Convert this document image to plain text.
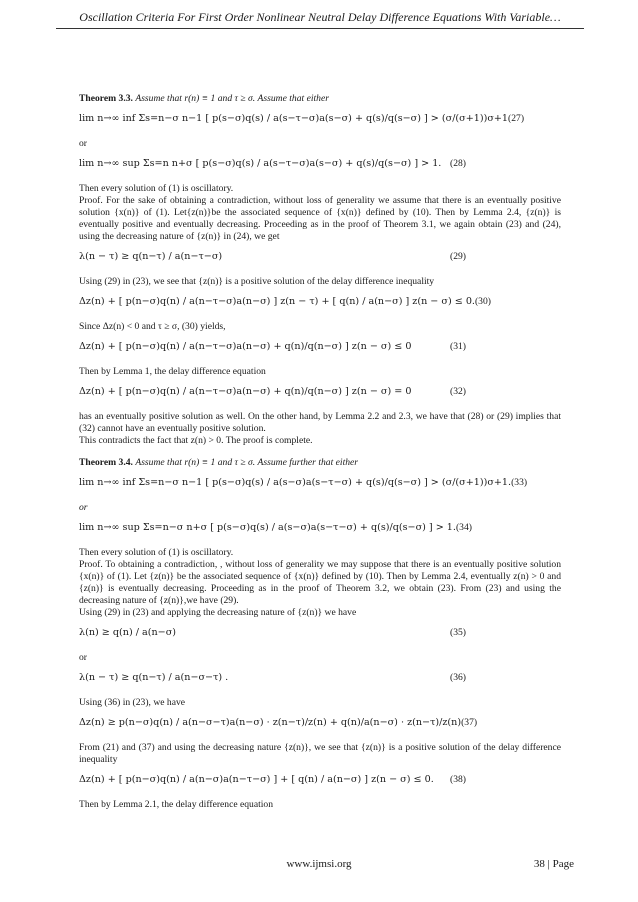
Oscillation Criteria For First Order Nonlinear Neutral Delay Difference Equations With Variable…

Theorem 3.3. Assume that r(n) ≡ 1 and τ ≥ σ. Assume that either

lim n→∞ inf Σs=n−σ n−1 [ p(s−σ)q(s) / a(s−τ−σ)a(s−σ) + q(s)/q(s−σ) ] > (σ/(σ+1))σ+1 (27)

or

lim n→∞ sup Σs=n n+σ [ p(s−σ)q(s) / a(s−τ−σ)a(s−σ) + q(s)/q(s−σ) ] > 1. (28)

Then every solution of (1) is oscillatory.

Proof. For the sake of obtaining a contradiction, without loss of generality we assume that there is an eventually positive solution {x(n)} of (1). Let{z(n)}be the associated sequence of {x(n)} defined by (10). Then by Lemma 2.4, {z(n)} is eventually positive and eventually decreasing. Proceeding as in the proof of Theorem 3.1, we again obtain (23) and (24), using the decreasing nature of {z(n)} in (24), we get

λ(n − τ) ≥ q(n−τ) / a(n−τ−σ)	(29)

Using (29) in (23), we see that {z(n)} is a positive solution of the delay difference inequality

Δz(n) + [ p(n−σ)q(n) / a(n−τ−σ)a(n−σ) ] z(n − τ) + [ q(n) / a(n−σ) ] z(n − σ) ≤ 0. (30)

Since Δz(n) < 0 and τ ≥ σ, (30) yields,

Δz(n) + [ p(n−σ)q(n) / a(n−τ−σ)a(n−σ) + q(n)/q(n−σ) ] z(n − σ) ≤ 0	(31)

Then by Lemma 1, the delay difference equation

Δz(n) + [ p(n−σ)q(n) / a(n−τ−σ)a(n−σ) + q(n)/q(n−σ) ] z(n − σ) = 0	(32)

has an eventually positive solution as well. On the other hand, by Lemma 2.2 and 2.3, we have that (28) or (29) implies that (32) cannot have an eventually positive solution.

This contradicts the fact that z(n) > 0. The proof is complete.

Theorem 3.4. Assume that r(n) ≡ 1 and τ ≥ σ. Assume further that either

lim n→∞ inf Σs=n−σ n−1 [ p(s−σ)q(s) / a(s−σ)a(s−τ−σ) + q(s)/q(s−σ) ] > (σ/(σ+1))σ+1. (33)

or

lim n→∞ sup Σs=n−σ n+σ [ p(s−σ)q(s) / a(s−σ)a(s−τ−σ) + q(s)/q(s−σ) ] > 1. (34)

Then every solution of (1) is oscillatory.

Proof. To obtaining a contradiction, , without loss of generality we may suppose that there is an eventually positive solution {x(n)} of (1). Let {z(n)} be the associated sequence of {x(n)} defined by (10). Then by Lemma 2.4, eventually z(n) > 0 and {z(n)} is eventually decreasing. Proceeding as in the proof of Theorem 3.2, we obtain (23). From (23) and using the decreasing nature of {z(n)},we have (29).

Using (29) in (23) and applying the decreasing nature of {z(n)} we have

λ(n) ≥ q(n) / a(n−σ)	(35)

or

λ(n − τ) ≥ q(n−τ) / a(n−σ−τ) .	(36)

Using (36) in (23), we have

Δz(n) ≥ p(n−σ)q(n) / a(n−σ−τ)a(n−σ) · z(n−τ)/z(n) + q(n)/a(n−σ) · z(n−τ)/z(n) (37)

From (21) and (37) and using the decreasing nature {z(n)}, we see that {z(n)} is a positive solution of the delay difference inequality

Δz(n) + [ p(n−σ)q(n) / a(n−σ)a(n−τ−σ) ] + [ q(n) / a(n−σ) ] z(n − σ) ≤ 0. (38)

Then by Lemma 2.1, the delay difference equation

www.ijmsi.org	38 | Page
